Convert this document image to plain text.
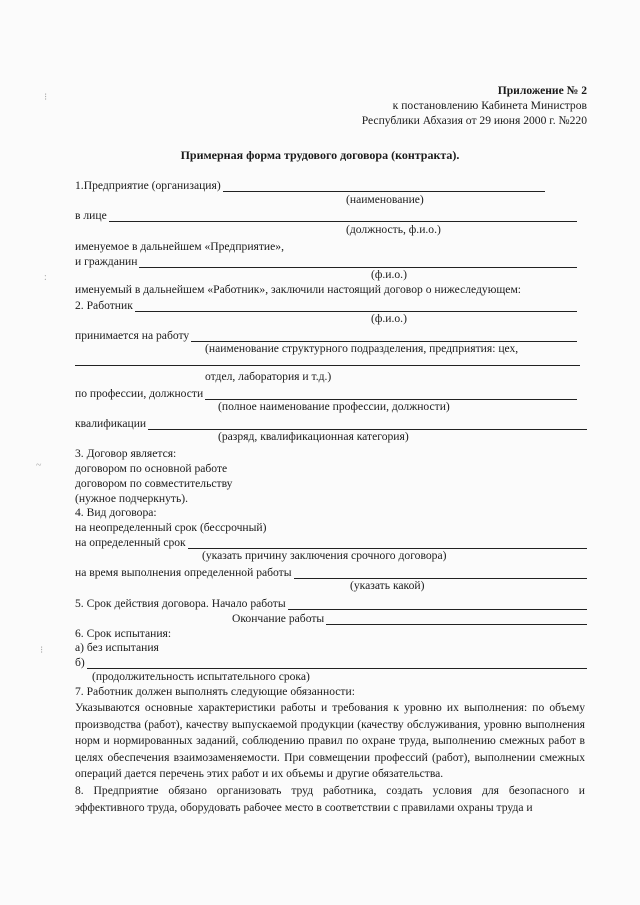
⁝
:
~
⁝
Приложение № 2
к постановлению Кабинета Министров
Республики Абхазия от 29 июня 2000 г. №220
Примерная форма трудового договора (контракта).
1.Предприятие (организация)
(наименование)
в лице
(должность, ф.и.о.)
именуемое в дальнейшем «Предприятие»,
и гражданин
(ф.и.о.)
именуемый в дальнейшем «Работник», заключили настоящий договор о нижеследующем:
2. Работник
(ф.и.о.)
принимается на работу
(наименование структурного подразделения, предприятия: цех,
отдел, лаборатория и т.д.)
по профессии, должности
(полное наименование профессии, должности)
квалификации
(разряд, квалификационная категория)
3. Договор является:
договором по основной работе
договором по совместительству
(нужное подчеркнуть).
4. Вид договора:
на неопределенный срок (бессрочный)
на определенный срок
(указать причину заключения срочного договора)
на время выполнения определенной работы
(указать какой)
5. Срок действия договора. Начало работы
Окончание работы
6. Срок испытания:
а) без испытания
б)
(продолжительность испытательного срока)
7. Работник должен выполнять следующие обязанности:
Указываются основные характеристики работы и требования к уровню их выполнения: по объему производства (работ), качеству выпускаемой продукции (качеству обслуживания, уровню выполнения норм и нормированных заданий, соблюдению правил по охране труда, выполнению смежных работ в целях обеспечения взаимозаменяемости. При совмещении профессий (работ), выполнении смежных операций дается перечень этих работ и их объемы и другие обязательства.
8. Предприятие обязано организовать труд работника, создать условия для безопасного и эффективного труда, оборудовать рабочее место в соответствии с правилами охраны труда и
